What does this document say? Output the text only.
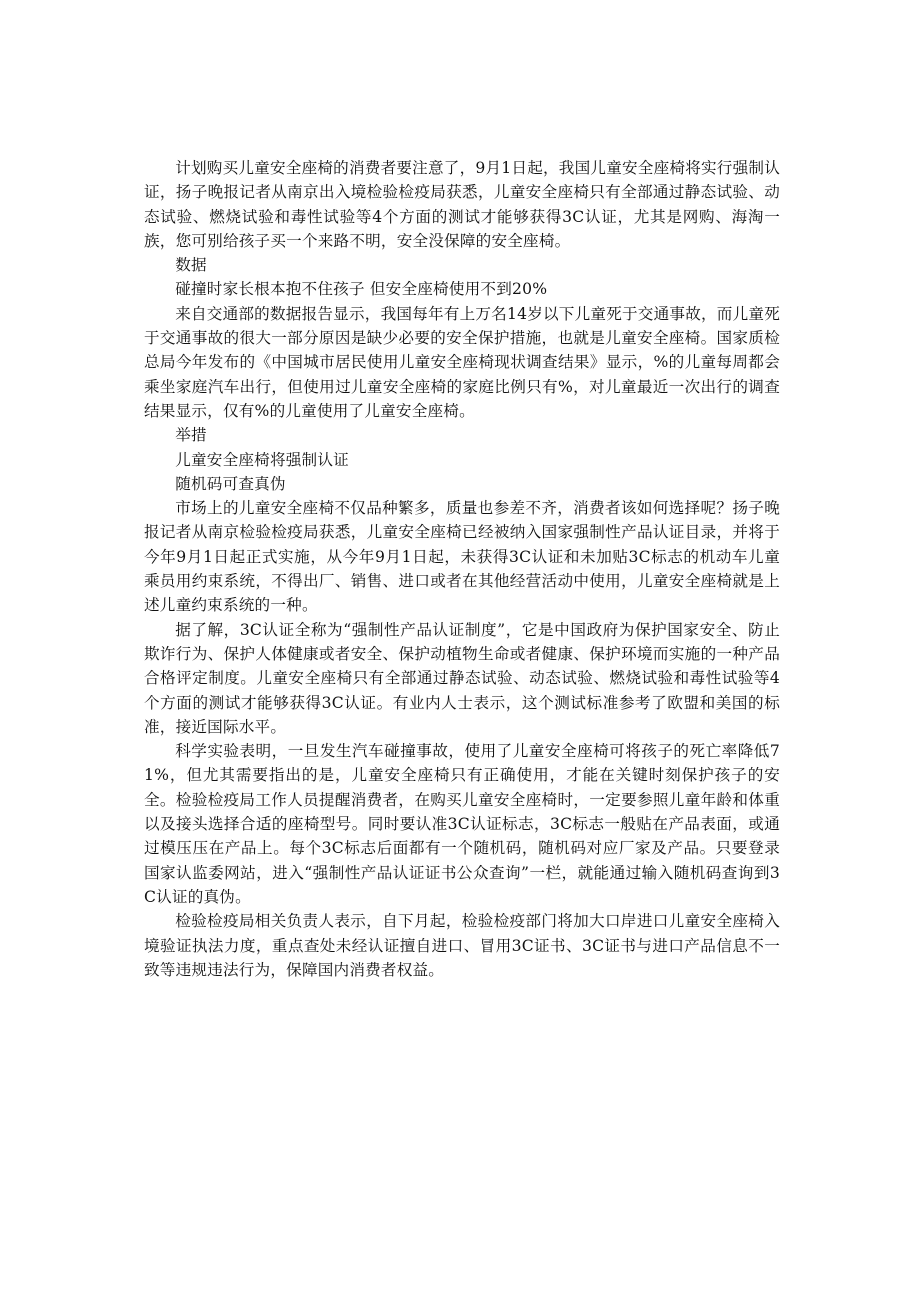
计划购买儿童安全座椅的消费者要注意了，9月1日起，我国儿童安全座椅将实行强制认证，扬子晚报记者从南京出入境检验检疫局获悉，儿童安全座椅只有全部通过静态试验、动态试验、燃烧试验和毒性试验等4个方面的测试才能够获得3C认证，尤其是网购、海淘一族，您可别给孩子买一个来路不明，安全没保障的安全座椅。

数据

碰撞时家长根本抱不住孩子 但安全座椅使用不到20%

来自交通部的数据报告显示，我国每年有上万名14岁以下儿童死于交通事故，而儿童死于交通事故的很大一部分原因是缺少必要的安全保护措施，也就是儿童安全座椅。国家质检总局今年发布的《中国城市居民使用儿童安全座椅现状调查结果》显示，%的儿童每周都会乘坐家庭汽车出行，但使用过儿童安全座椅的家庭比例只有%，对儿童最近一次出行的调查结果显示，仅有%的儿童使用了儿童安全座椅。

举措

儿童安全座椅将强制认证

随机码可查真伪

市场上的儿童安全座椅不仅品种繁多，质量也参差不齐，消费者该如何选择呢？扬子晚报记者从南京检验检疫局获悉，儿童安全座椅已经被纳入国家强制性产品认证目录，并将于今年9月1日起正式实施，从今年9月1日起，未获得3C认证和未加贴3C标志的机动车儿童乘员用约束系统，不得出厂、销售、进口或者在其他经营活动中使用，儿童安全座椅就是上述儿童约束系统的一种。

据了解，3C认证全称为“强制性产品认证制度”，它是中国政府为保护国家安全、防止欺诈行为、保护人体健康或者安全、保护动植物生命或者健康、保护环境而实施的一种产品合格评定制度。儿童安全座椅只有全部通过静态试验、动态试验、燃烧试验和毒性试验等4个方面的测试才能够获得3C认证。有业内人士表示，这个测试标准参考了欧盟和美国的标准，接近国际水平。

科学实验表明，一旦发生汽车碰撞事故，使用了儿童安全座椅可将孩子的死亡率降低71%，但尤其需要指出的是，儿童安全座椅只有正确使用，才能在关键时刻保护孩子的安全。检验检疫局工作人员提醒消费者，在购买儿童安全座椅时，一定要参照儿童年龄和体重以及接头选择合适的座椅型号。同时要认准3C认证标志，3C标志一般贴在产品表面，或通过模压压在产品上。每个3C标志后面都有一个随机码，随机码对应厂家及产品。只要登录国家认监委网站，进入“强制性产品认证证书公众查询”一栏，就能通过输入随机码查询到3C认证的真伪。

检验检疫局相关负责人表示，自下月起，检验检疫部门将加大口岸进口儿童安全座椅入境验证执法力度，重点查处未经认证擅自进口、冒用3C证书、3C证书与进口产品信息不一致等违规违法行为，保障国内消费者权益。
